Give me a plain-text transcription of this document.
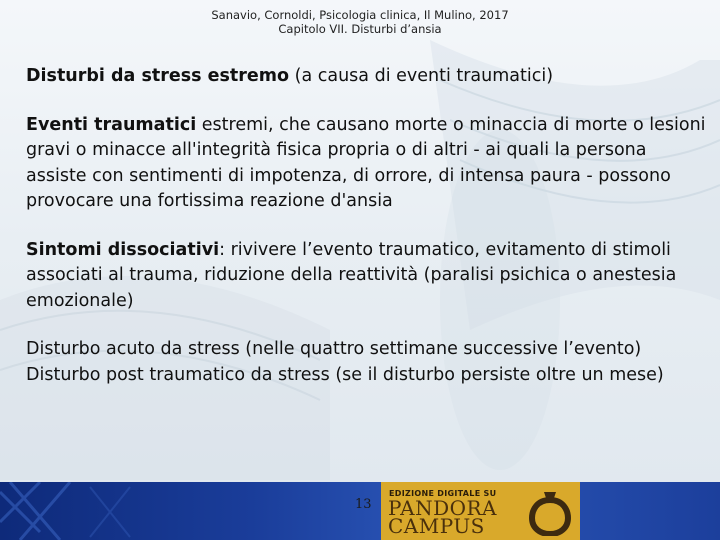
Sanavio, Cornoldi, Psicologia clinica, Il Mulino, 2017
Capitolo VII. Disturbi d’ansia

Disturbi da stress estremo (a causa di eventi traumatici)

Eventi traumatici estremi, che causano morte o minaccia di morte o lesioni gravi o minacce all'integrità fisica propria o di altri - ai quali la persona assiste con sentimenti di impotenza, di orrore, di intensa paura - possono provocare una fortissima reazione d'ansia

Sintomi dissociativi: rivivere l’evento traumatico, evitamento di stimoli associati al trauma, riduzione della reattività (paralisi psichica o anestesia emozionale)

Disturbo acuto da stress (nelle quattro settimane successive l’evento)
Disturbo post traumatico da stress (se il disturbo persiste oltre un mese)

13
EDIZIONE DIGITALE SU
PANDORA
CAMPUS
